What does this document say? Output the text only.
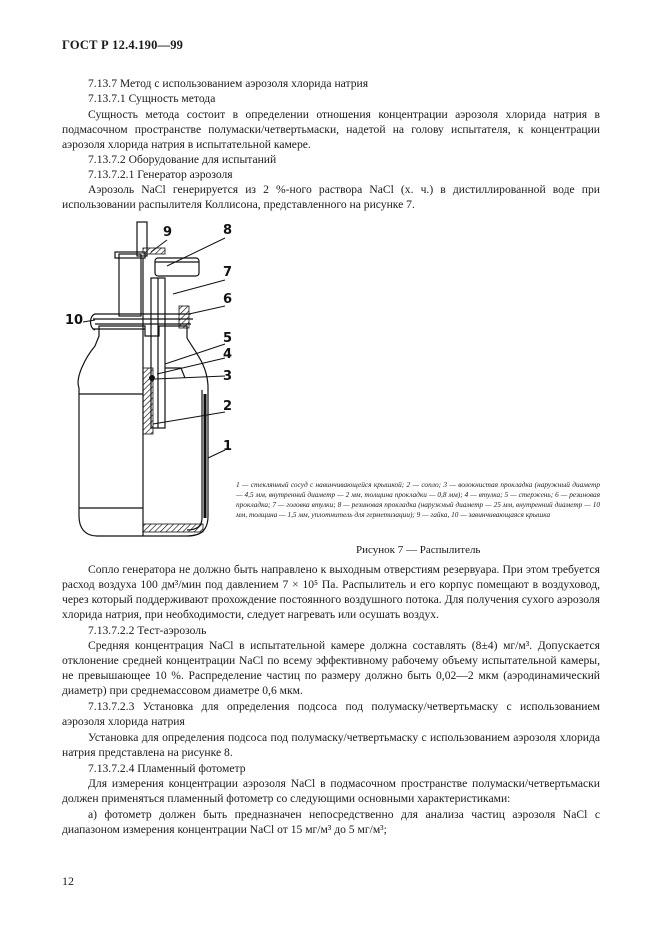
ГОСТ Р 12.4.190—99
7.13.7 Метод с использованием аэрозоля хлорида натрия
7.13.7.1 Сущность метода
Сущность метода состоит в определении отношения концентрации аэрозоля хлорида натрия в подмасочном пространстве полумаски/четвертьмаски, надетой на голову испытателя, к концентрации аэрозоля хлорида натрия в испытательной камере.
7.13.7.2 Оборудование для испытаний
7.13.7.2.1 Генератор аэрозоля
Аэрозоль NaCl генерируется из 2 %-ного раствора NaCl (х. ч.) в дистиллированной воде при использовании распылителя Коллисона, представленного на рисунке 7.
9	8
7
6
10
5
4
3
2
1
1 — стеклянный сосуд с навинчивающейся крышкой; 2 — сопло; 3 — волокнистая прокладка (наружный диаметр — 4,5 мм, внутренний диаметр — 2 мм, толщина прокладки — 0,8 мм); 4 — втулка; 5 — стержень; 6 — резиновая прокладка; 7 — головка втулки; 8 — резиновая прокладка (наружный диаметр — 25 мм, внутренний диаметр — 10 мм, толщина — 1,5 мм, уплотнитель для герметизации); 9 — гайка, 10 — завинчивающаяся крышка
Рисунок 7 — Распылитель
Сопло генератора не должно быть направлено к выходным отверстиям резервуара. При этом требуется расход воздуха 100 дм³/мин под давлением 7 × 10⁵ Па. Распылитель и его корпус помещают в воздуховод, через который поддерживают прохождение постоянного воздушного потока. Для получения сухого аэрозоля хлорида натрия, при необходимости, следует нагревать или осушать воздух.
7.13.7.2.2 Тест-аэрозоль
Средняя концентрация NaCl в испытательной камере должна составлять (8±4) мг/м³. Допускается отклонение средней концентрации NaCl по всему эффективному рабочему объему испытательной камеры, не превышающее 10 %. Распределение частиц по размеру должно быть 0,02—2 мкм (аэродинамический диаметр) при среднемассовом диаметре 0,6 мкм.
7.13.7.2.3 Установка для определения подсоса под полумаску/четвертьмаску с использованием аэрозоля хлорида натрия
Установка для определения подсоса под полумаску/четвертьмаску с использованием аэрозоля хлорида натрия представлена на рисунке 8.
7.13.7.2.4 Пламенный фотометр
Для измерения концентрации аэрозоля NaCl в подмасочном пространстве полумаски/четвертьмаски должен применяться пламенный фотометр со следующими основными характеристиками:
а) фотометр должен быть предназначен непосредственно для анализа частиц аэрозоля NaCl с диапазоном измерения концентрации NaCl от 15 мг/м³ до 5 мг/м³;
12
